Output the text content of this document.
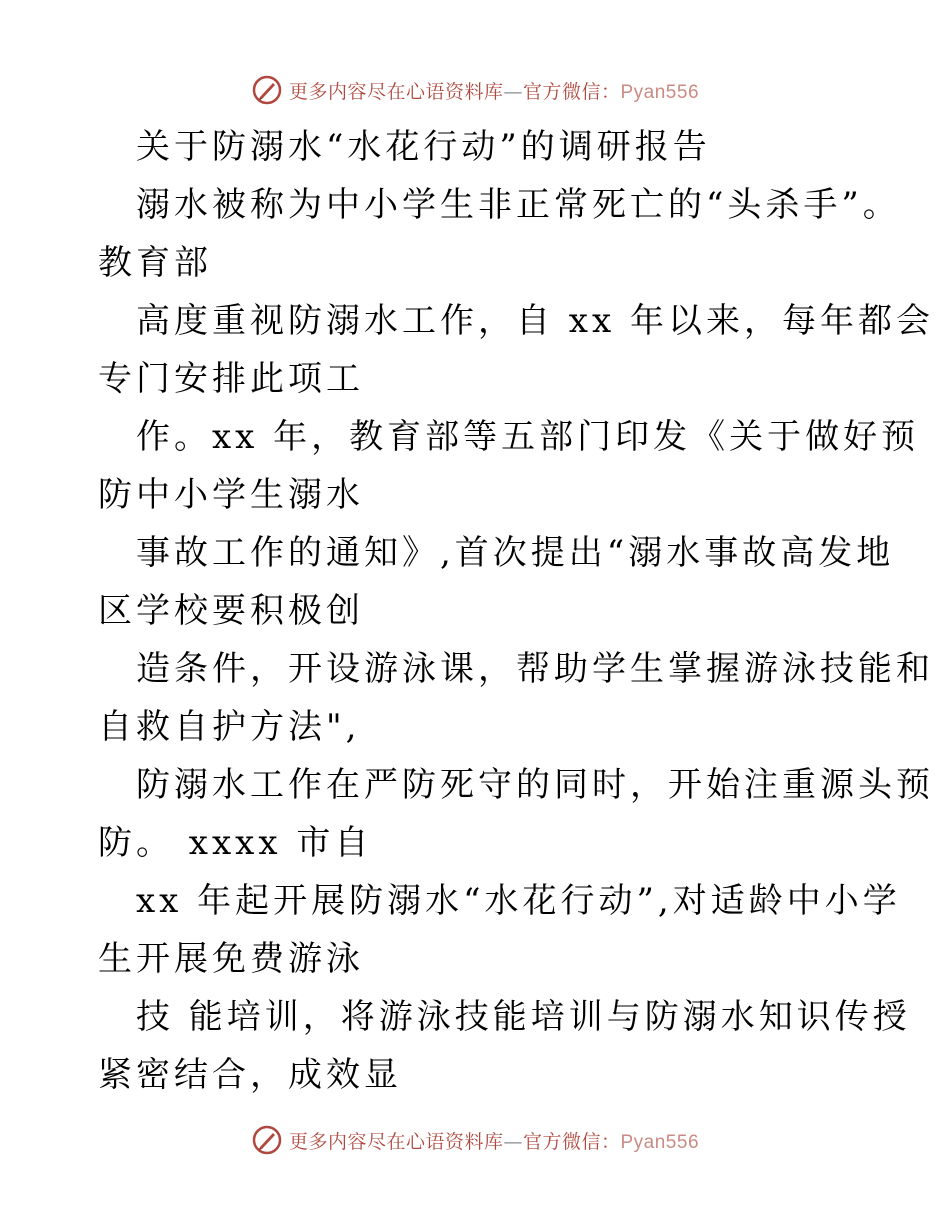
更多内容尽在心语资料库—官方微信：Pyan556
关于防溺水“水花行动”的调研报告
溺水被称为中小学生非正常死亡的“头杀手”。
教育部
高度重视防溺水工作，自 xx 年以来，每年都会
专门安排此项工
作。xx 年，教育部等五部门印发《关于做好预
防中小学生溺水
事故工作的通知》,首次提出“溺水事故高发地
区学校要积极创
造条件，开设游泳课，帮助学生掌握游泳技能和
自救自护方法",
防溺水工作在严防死守的同时，开始注重源头预
防。 xxxx 市自
xx 年起开展防溺水“水花行动”,对适龄中小学
生开展免费游泳
技 能培训，将游泳技能培训与防溺水知识传授
紧密结合，成效显
更多内容尽在心语资料库—官方微信：Pyan556
